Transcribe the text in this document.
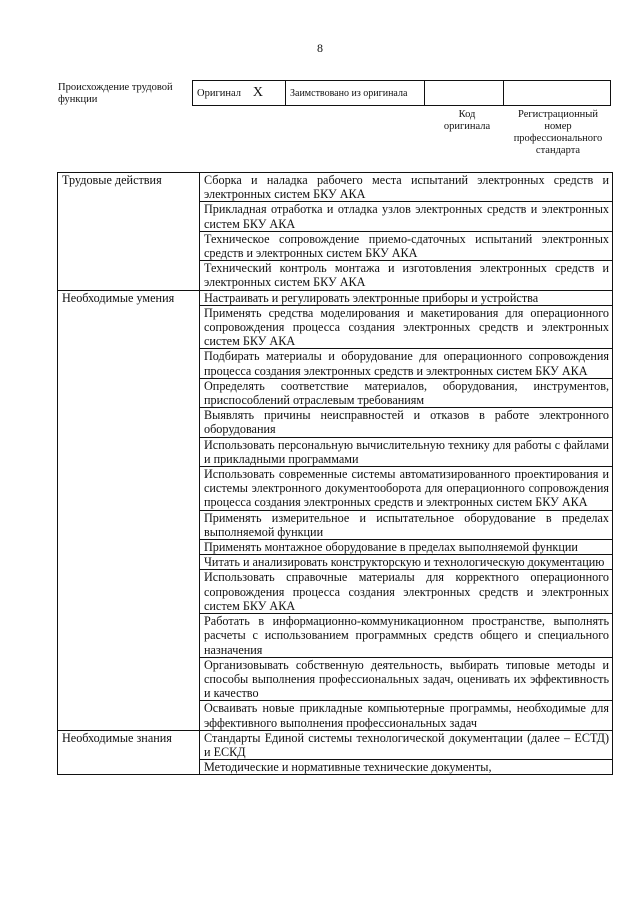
8
Происхождение трудовой функции
Оригинал X	Заимствовано из оригинала		
Код оригинала
Регистрационный номер профессионального стандарта
Трудовые действия	Сборка и наладка рабочего места испытаний электронных средств и электронных систем БКУ АКА
	Прикладная отработка и отладка узлов электронных средств и электронных систем БКУ АКА
	Техническое сопровождение приемо-сдаточных испытаний электронных средств и электронных систем БКУ АКА
	Технический контроль монтажа и изготовления электронных средств и электронных систем БКУ АКА
Необходимые умения	Настраивать и регулировать электронные приборы и устройства
	Применять средства моделирования и макетирования для операционного сопровождения процесса создания электронных средств и электронных систем БКУ АКА
	Подбирать материалы и оборудование для операционного сопровождения процесса создания электронных средств и электронных систем БКУ АКА
	Определять соответствие материалов, оборудования, инструментов, приспособлений отраслевым требованиям
	Выявлять причины неисправностей и отказов в работе электронного оборудования
	Использовать персональную вычислительную технику для работы с файлами и прикладными программами
	Использовать современные системы автоматизированного проектирования и системы электронного документооборота для операционного сопровождения процесса создания электронных средств и электронных систем БКУ АКА
	Применять измерительное и испытательное оборудование в пределах выполняемой функции
	Применять монтажное оборудование в пределах выполняемой функции
	Читать и анализировать конструкторскую и технологическую документацию
	Использовать справочные материалы для корректного операционного сопровождения процесса создания электронных средств и электронных систем БКУ АКА
	Работать в информационно-коммуникационном пространстве, выполнять расчеты с использованием программных средств общего и специального назначения
	Организовывать собственную деятельность, выбирать типовые методы и способы выполнения профессиональных задач, оценивать их эффективность и качество
	Осваивать новые прикладные компьютерные программы, необходимые для эффективного выполнения профессиональных задач
Необходимые знания	Стандарты Единой системы технологической документации (далее – ЕСТД) и ЕСКД
	Методические и нормативные технические документы,
